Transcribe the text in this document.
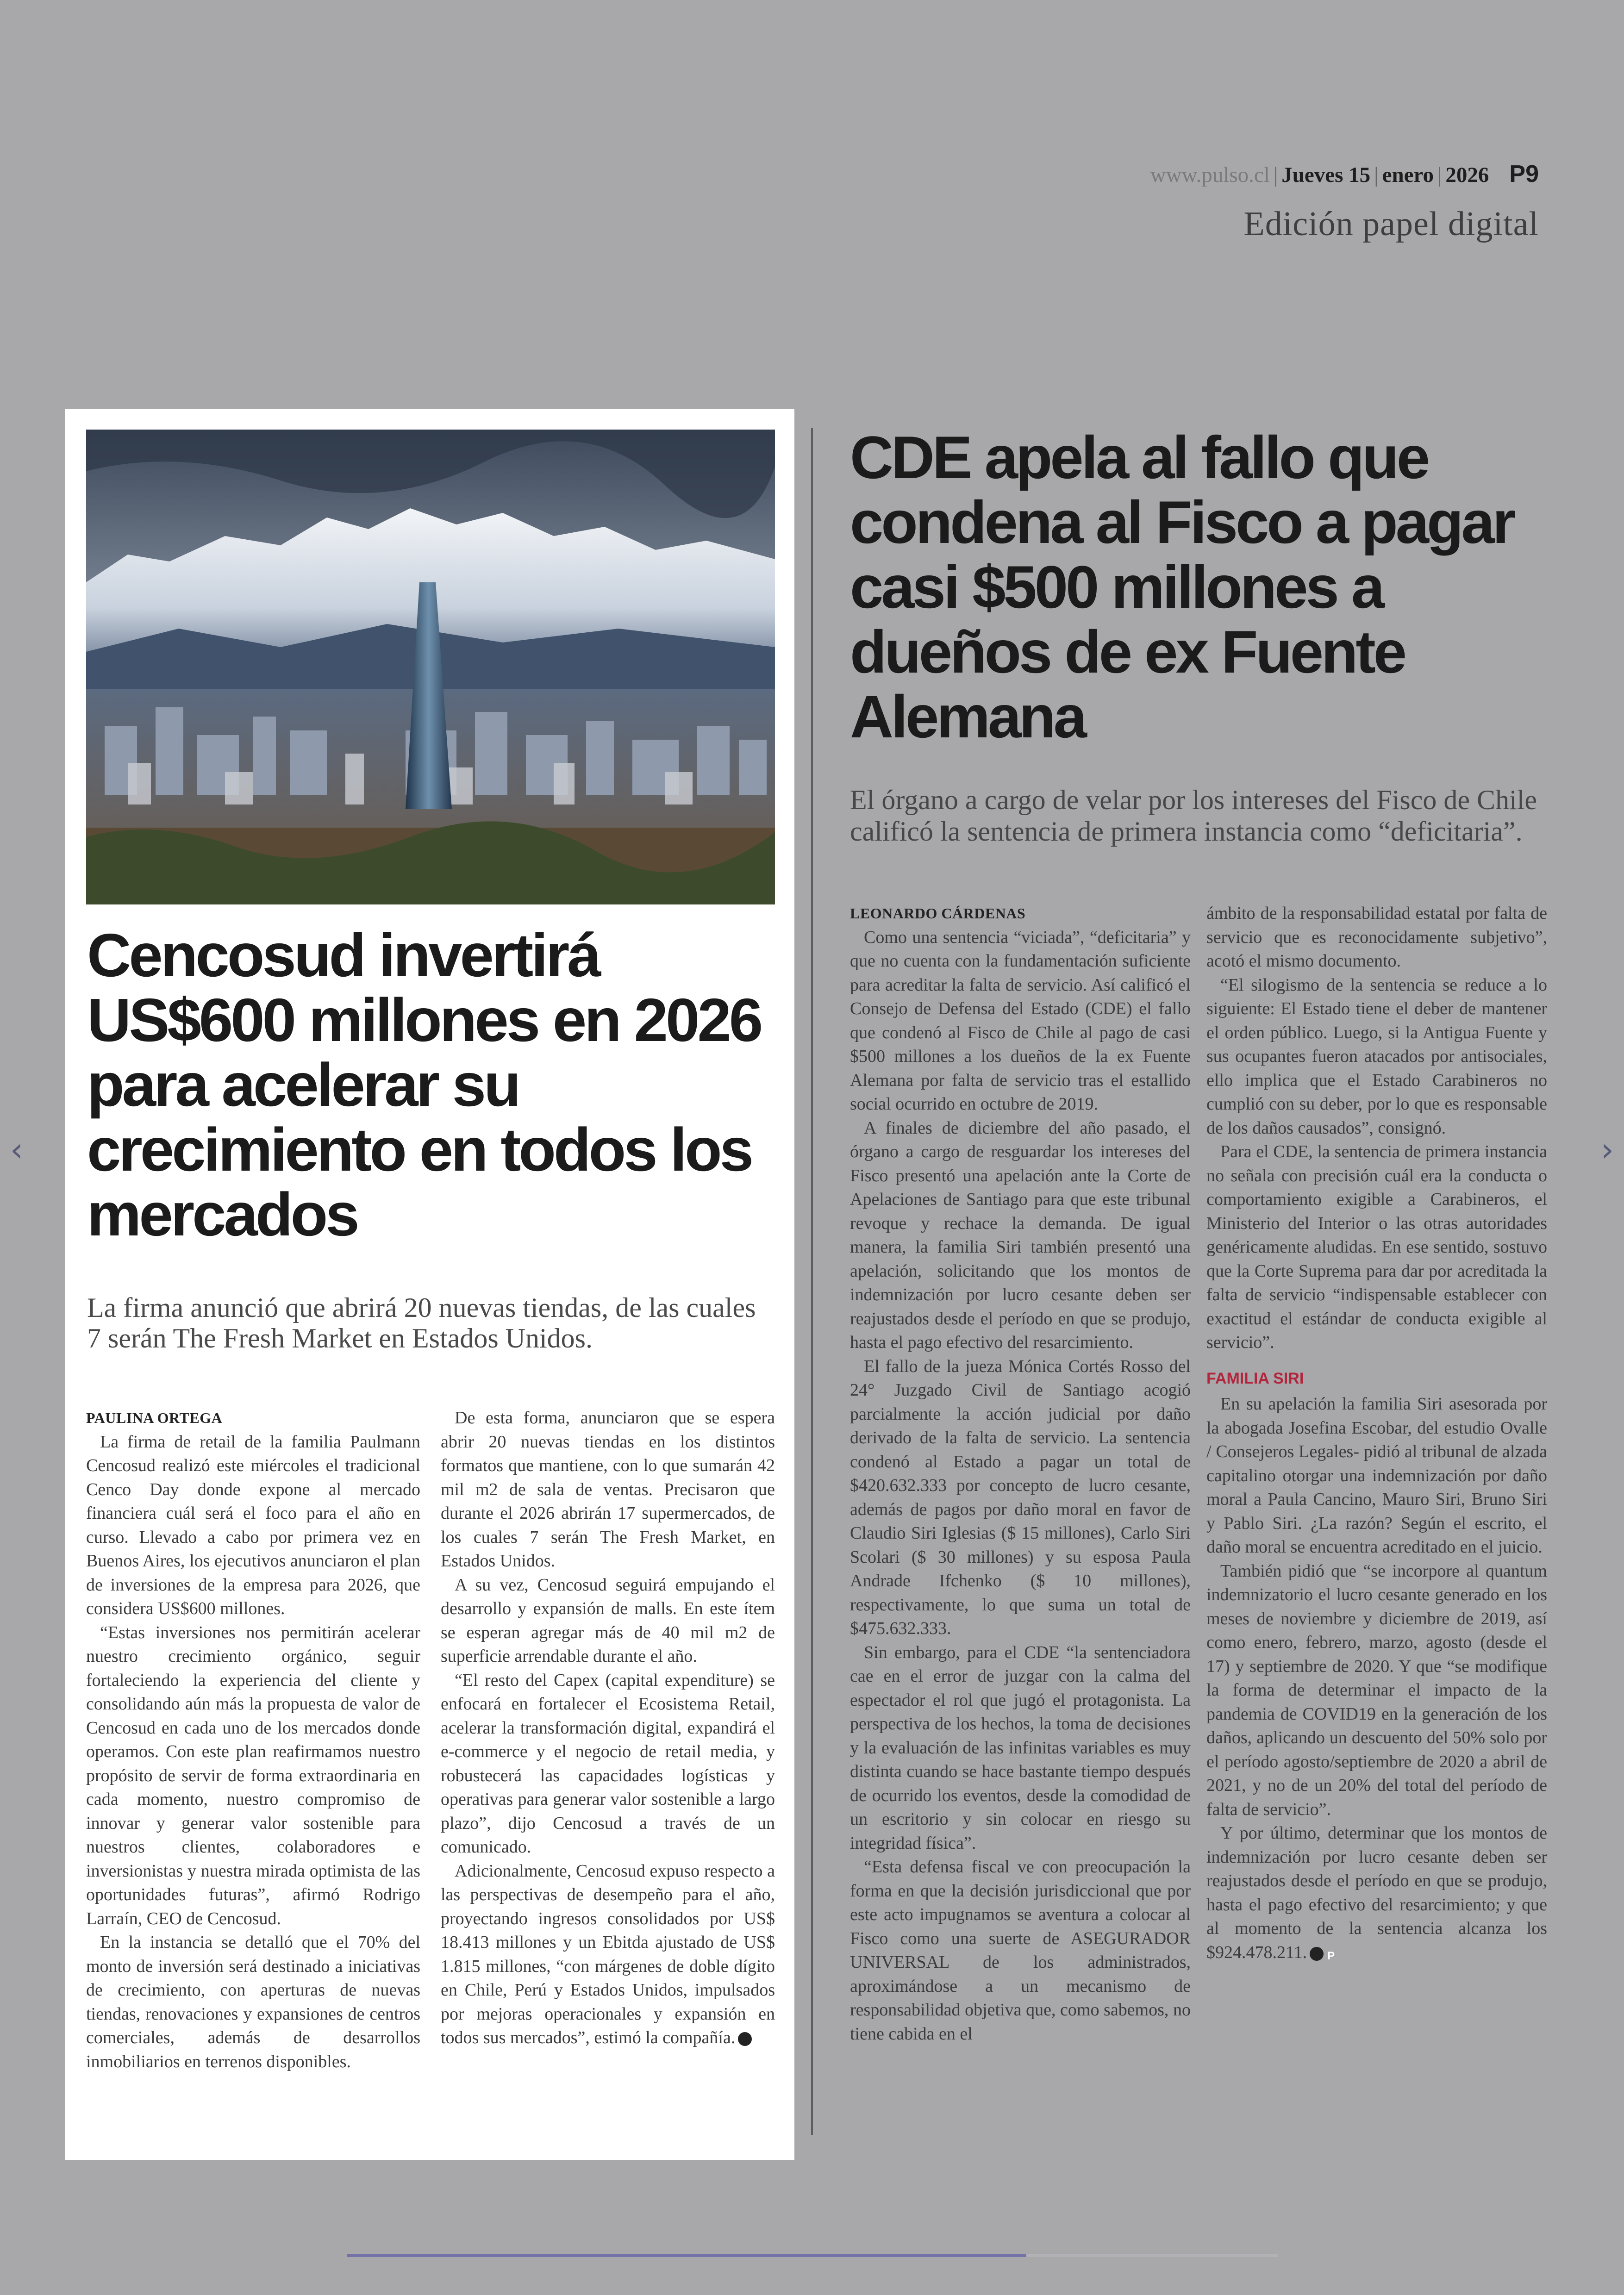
www.pulso.cl | Jueves 15 | enero | 2026 P9
Edición papel digital
Cencosud invertirá US$600 millones en 2026 para acelerar su crecimiento en todos los mercados

La firma anunció que abrirá 20 nuevas tiendas, de las cuales 7 serán The Fresh Market en Estados Unidos.

PAULINA ORTEGA

La firma de retail de la familia Paulmann Cencosud realizó este miércoles el tradicional Cenco Day donde expone al mercado financiera cuál será el foco para el año en curso. Llevado a cabo por primera vez en Buenos Aires, los ejecutivos anunciaron el plan de inversiones de la empresa para 2026, que considera US$600 millones.

“Estas inversiones nos permitirán acelerar nuestro crecimiento orgánico, seguir fortaleciendo la experiencia del cliente y consolidando aún más la propuesta de valor de Cencosud en cada uno de los mercados donde operamos. Con este plan reafirmamos nuestro propósito de servir de forma extraordinaria en cada momento, nuestro compromiso de innovar y generar valor sostenible para nuestros clientes, colaboradores e inversionistas y nuestra mirada optimista de las oportunidades futuras”, afirmó Rodrigo Larraín, CEO de Cencosud.

En la instancia se detalló que el 70% del monto de inversión será destinado a iniciativas de crecimiento, con aperturas de nuevas tiendas, renovaciones y expansiones de centros comerciales, además de desarrollos inmobiliarios en terrenos disponibles.

De esta forma, anunciaron que se espera abrir 20 nuevas tiendas en los distintos formatos que mantiene, con lo que sumarán 42 mil m2 de sala de ventas. Precisaron que durante el 2026 abrirán 17 supermercados, de los cuales 7 serán The Fresh Market, en Estados Unidos.

A su vez, Cencosud seguirá empujando el desarrollo y expansión de malls. En este ítem se esperan agregar más de 40 mil m2 de superficie arrendable durante el año.

“El resto del Capex (capital expenditure) se enfocará en fortalecer el Ecosistema Retail, acelerar la transformación digital, expandirá el e-commerce y el negocio de retail media, y robustecerá las capacidades logísticas y operativas para generar valor sostenible a largo plazo”, dijo Cencosud a través de un comunicado.

Adicionalmente, Cencosud expuso respecto a las perspectivas de desempeño para el año, proyectando ingresos consolidados por US$ 18.413 millones y un Ebitda ajustado de US$ 1.815 millones, “con márgenes de doble dígito en Chile, Perú y Estados Unidos, impulsados por mejoras operacionales y expansión en todos sus mercados”, estimó la compañía.P

CDE apela al fallo que condena al Fisco a pagar casi $500 millones a dueños de ex Fuente Alemana

El órgano a cargo de velar por los intereses del Fisco de Chile calificó la sentencia de primera instancia como “deficitaria”.

LEONARDO CÁRDENAS

Como una sentencia “viciada”, “deficitaria” y que no cuenta con la fundamentación suficiente para acreditar la falta de servicio. Así calificó el Consejo de Defensa del Estado (CDE) el fallo que condenó al Fisco de Chile al pago de casi $500 millones a los dueños de la ex Fuente Alemana por falta de servicio tras el estallido social ocurrido en octubre de 2019.

A finales de diciembre del año pasado, el órgano a cargo de resguardar los intereses del Fisco presentó una apelación ante la Corte de Apelaciones de Santiago para que este tribunal revoque y rechace la demanda. De igual manera, la familia Siri también presentó una apelación, solicitando que los montos de indemnización por lucro cesante deben ser reajustados desde el período en que se produjo, hasta el pago efectivo del resarcimiento.

El fallo de la jueza Mónica Cortés Rosso del 24° Juzgado Civil de Santiago acogió parcialmente la acción judicial por daño derivado de la falta de servicio. La sentencia condenó al Estado a pagar un total de $420.632.333 por concepto de lucro cesante, además de pagos por daño moral en favor de Claudio Siri Iglesias ($ 15 millones), Carlo Siri Scolari ($ 30 millones) y su esposa Paula Andrade Ifchenko ($ 10 millones), respectivamente, lo que suma un total de $475.632.333.

Sin embargo, para el CDE “la sentenciadora cae en el error de juzgar con la calma del espectador el rol que jugó el protagonista. La perspectiva de los hechos, la toma de decisiones y la evaluación de las infinitas variables es muy distinta cuando se hace bastante tiempo después de ocurrido los eventos, desde la comodidad de un escritorio y sin colocar en riesgo su integridad física”.

“Esta defensa fiscal ve con preocupación la forma en que la decisión jurisdiccional que por este acto impugnamos se aventura a colocar al Fisco como una suerte de ASEGURADOR UNIVERSAL de los administrados, aproximándose a un mecanismo de responsabilidad objetiva que, como sabemos, no tiene cabida en el

ámbito de la responsabilidad estatal por falta de servicio que es reconocidamente subjetivo”, acotó el mismo documento.

“El silogismo de la sentencia se reduce a lo siguiente: El Estado tiene el deber de mantener el orden público. Luego, si la Antigua Fuente y sus ocupantes fueron atacados por antisociales, ello implica que el Estado Carabineros no cumplió con su deber, por lo que es responsable de los daños causados”, consignó.

Para el CDE, la sentencia de primera instancia no señala con precisión cuál era la conducta o comportamiento exigible a Carabineros, el Ministerio del Interior o las otras autoridades genéricamente aludidas. En ese sentido, sostuvo que la Corte Suprema para dar por acreditada la falta de servicio “indispensable establecer con exactitud el estándar de conducta exigible al servicio”.

FAMILIA SIRI

En su apelación la familia Siri asesorada por la abogada Josefina Escobar, del estudio Ovalle / Consejeros Legales- pidió al tribunal de alzada capitalino otorgar una indemnización por daño moral a Paula Cancino, Mauro Siri, Bruno Siri y Pablo Siri. ¿La razón? Según el escrito, el daño moral se encuentra acreditado en el juicio.

También pidió que “se incorpore al quantum indemnizatorio el lucro cesante generado en los meses de noviembre y diciembre de 2019, así como enero, febrero, marzo, agosto (desde el 17) y septiembre de 2020. Y que “se modifique la forma de determinar el impacto de la pandemia de COVID19 en la generación de los daños, aplicando un descuento del 50% solo por el período agosto/septiembre de 2020 a abril de 2021, y no de un 20% del total del período de falta de servicio”.

Y por último, determinar que los montos de indemnización por lucro cesante deben ser reajustados desde el período en que se produjo, hasta el pago efectivo del resarcimiento; y que al momento de la sentencia alcanza los $924.478.211.P

‹	›
